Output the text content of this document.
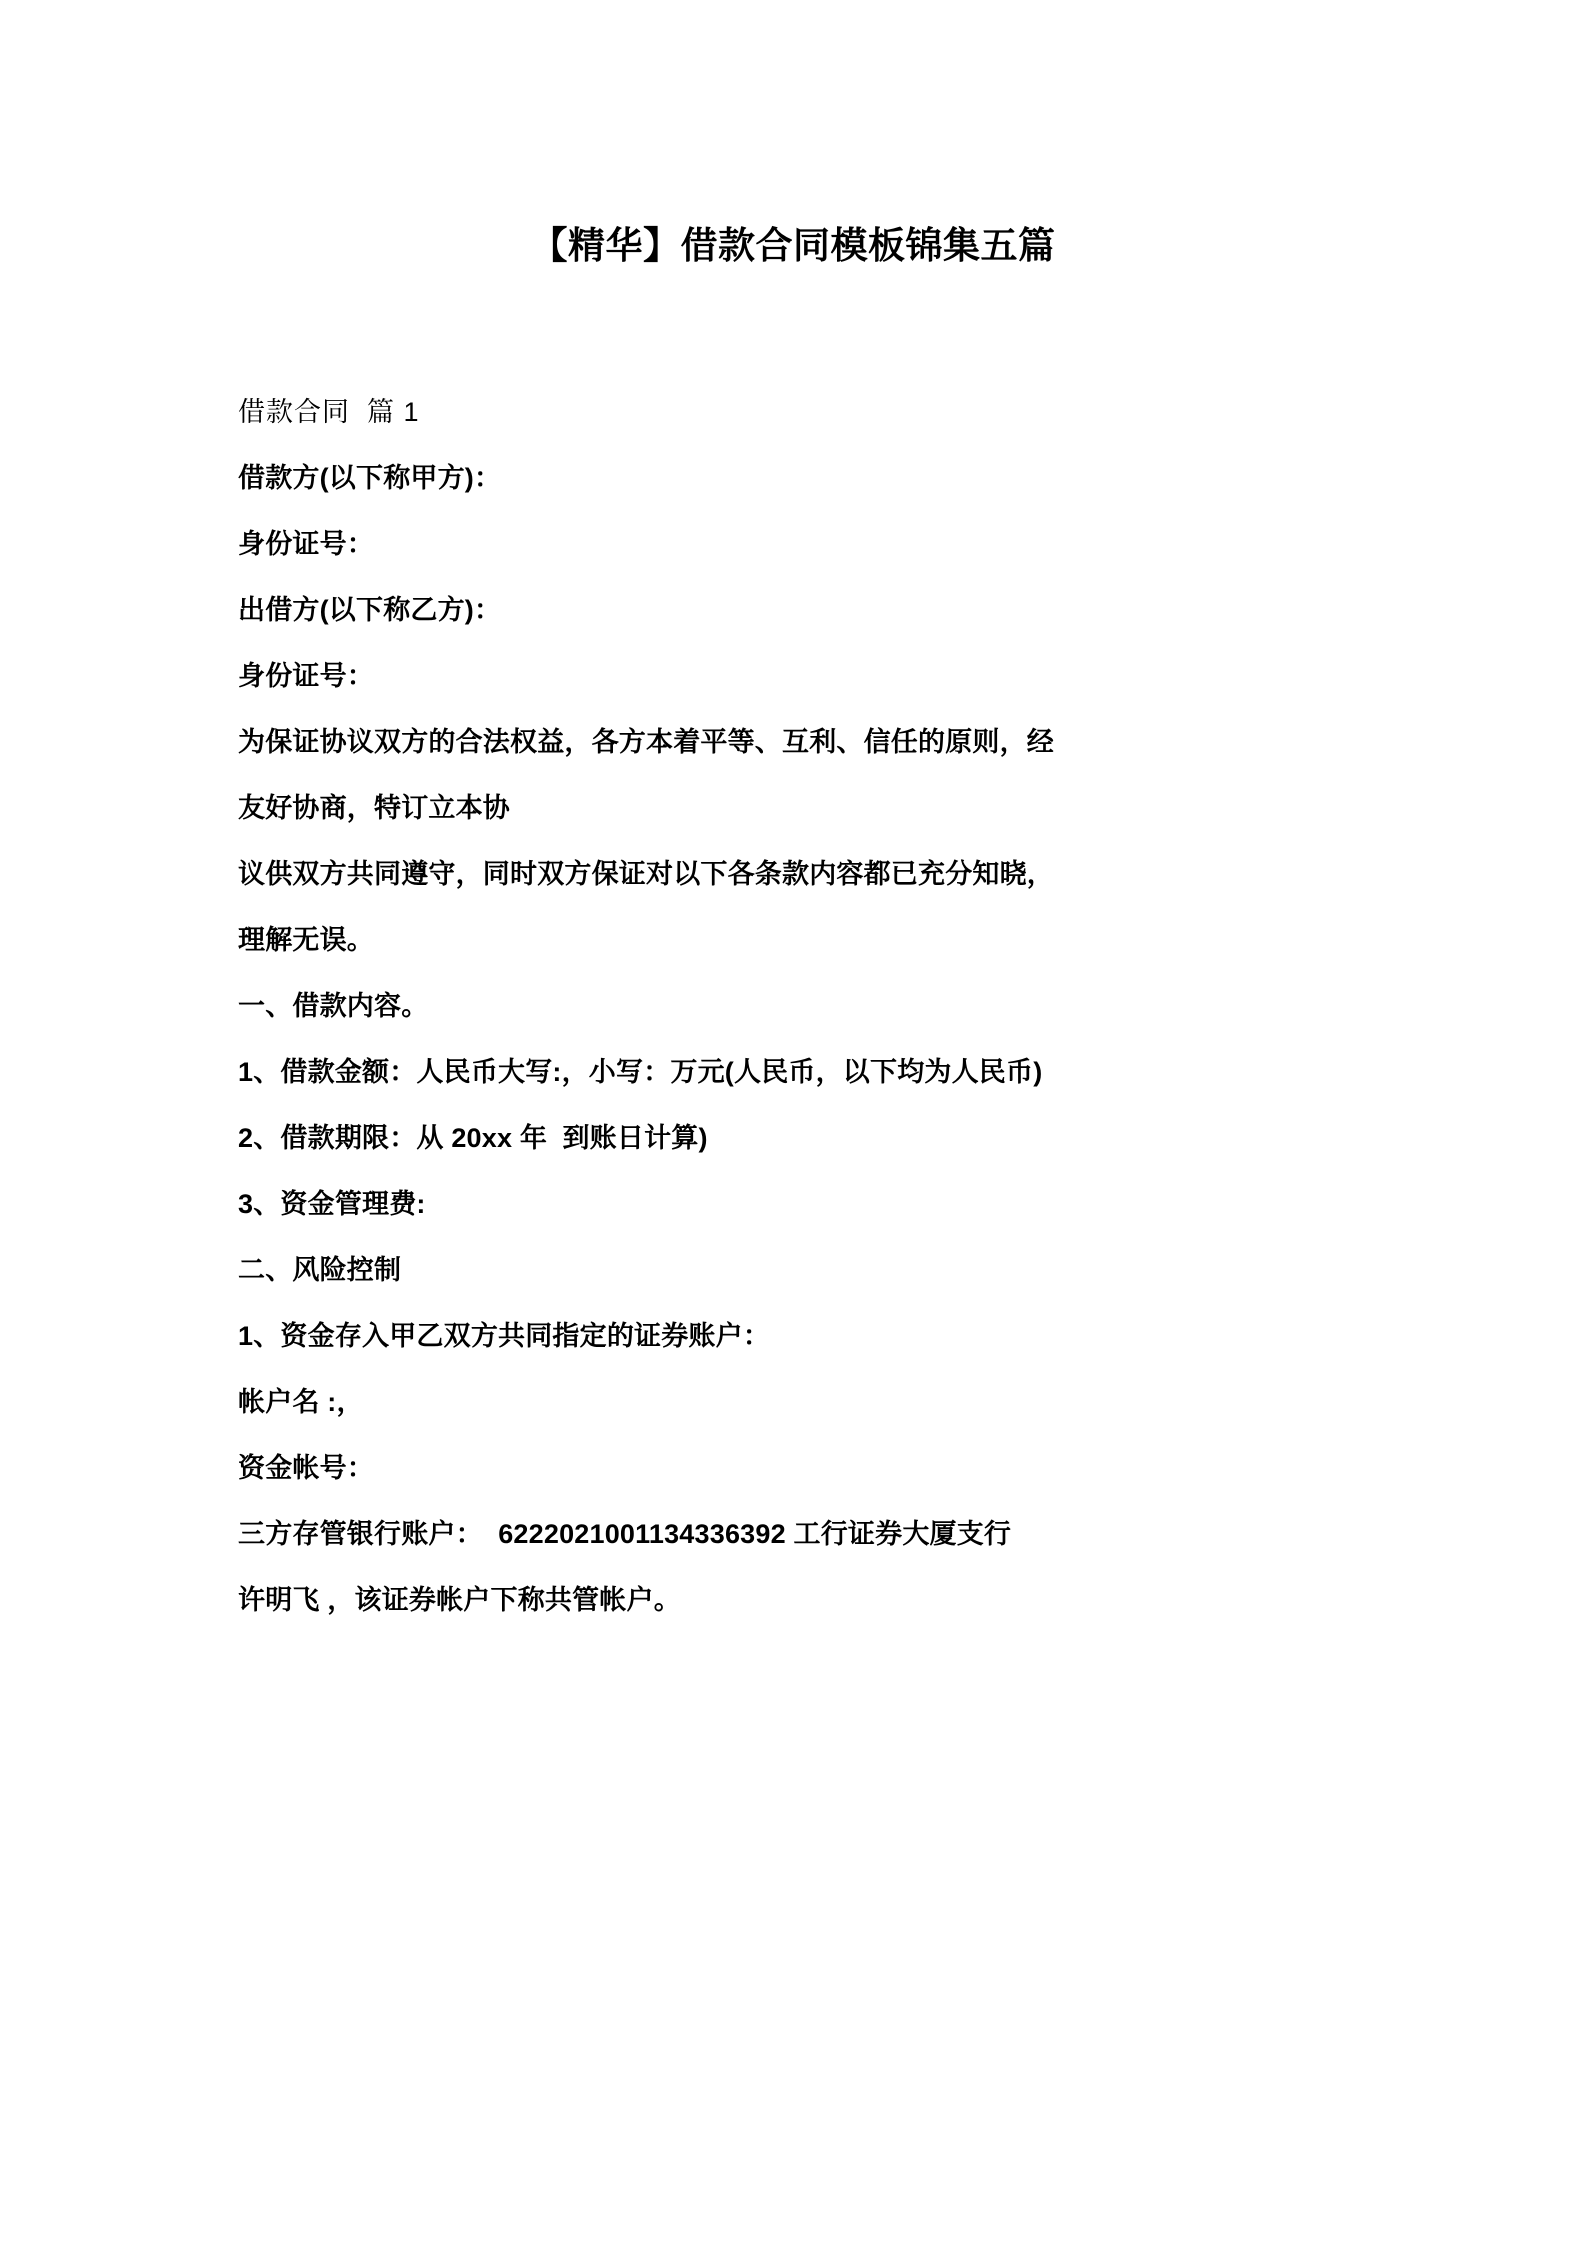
【精华】借款合同模板锦集五篇

借款合同  篇 1

借款方(以下称甲方)：

身份证号：

出借方(以下称乙方)：

身份证号：

为保证协议双方的合法权益，各方本着平等、互利、信任的原则，经

友好协商，特订立本协

议供双方共同遵守，同时双方保证对以下各条款内容都已充分知晓，

理解无误。

一、借款内容。

1、借款金额：人民币大写:，小写：万元(人民币，以下均为人民币)

2、借款期限：从 20xx 年  到账日计算)

3、资金管理费:

二、风险控制

1、资金存入甲乙双方共同指定的证券账户：

帐户名 :，

资金帐号：

三方存管银行账户：  6222021001134336392 工行证券大厦支行

许明飞 ，该证券帐户下称共管帐户。
